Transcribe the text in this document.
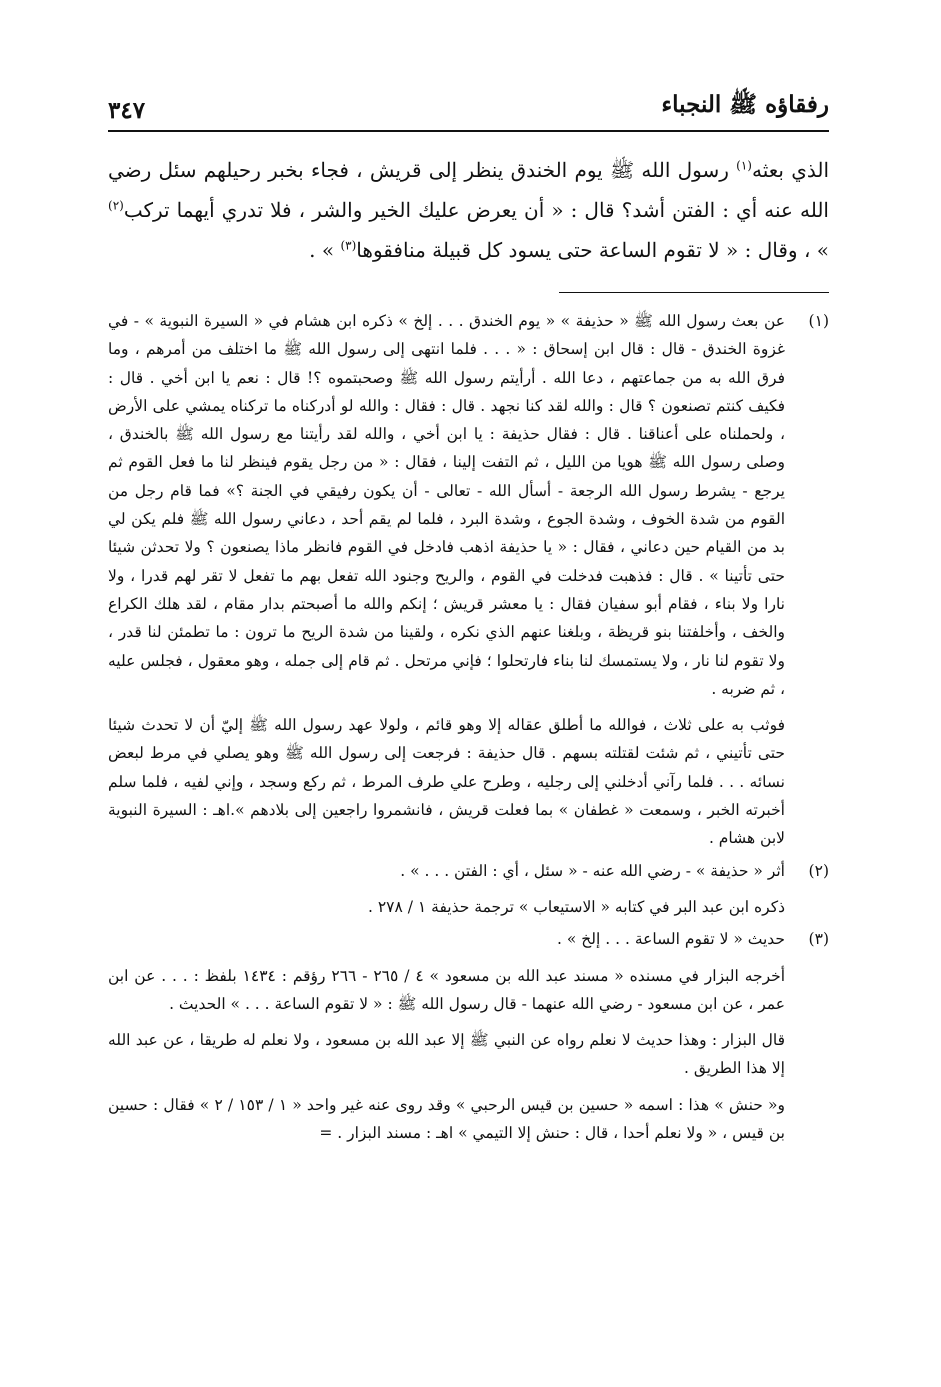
رفقاؤه ﷺ النجباء
٣٤٧

الذي بعثه$^{(١)}$ رسول الله ﷺ يوم الخندق ينظر إلى قريش ، فجاء بخبر رحيلهم سئل رضي الله عنه أي : الفتن أشد؟ قال : « أن يعرض عليك الخير والشر ، فلا تدري أيهما تركب$^{(٢)}$ » ، وقال : « لا تقوم الساعة حتى يسود كل قبيلة منافقوها$^{(٣)}$ » .

(١)

عن بعث رسول الله ﷺ « حذيفة » « يوم الخندق . . . إلخ » ذكره ابن هشام في « السيرة النبوية » - في غزوة الخندق - قال : قال ابن إسحاق : « . . . فلما انتهى إلى رسول الله ﷺ ما اختلف من أمرهم ، وما فرق الله به من جماعتهم ، دعا الله . أرأيتم رسول الله ﷺ وصحبتموه ؟! قال : نعم يا ابن أخي . قال : فكيف كنتم تصنعون ؟ قال : والله لقد كنا نجهد . قال : فقال : والله لو أدركناه ما تركناه يمشي على الأرض ، ولحملناه على أعناقنا . قال : فقال حذيفة : يا ابن أخي ، والله لقد رأيتنا مع رسول الله ﷺ بالخندق ، وصلى رسول الله ﷺ هويا من الليل ، ثم التفت إلينا ، فقال : « من رجل يقوم فينظر لنا ما فعل القوم ثم يرجع - يشرط رسول الله الرجعة - أسأل الله - تعالى - أن يكون رفيقي في الجنة ؟» فما قام رجل من القوم من شدة الخوف ، وشدة الجوع ، وشدة البرد ، فلما لم يقم أحد ، دعاني رسول الله ﷺ فلم يكن لي بد من القيام حين دعاني ، فقال : « يا حذيفة اذهب فادخل في القوم فانظر ماذا يصنعون ؟ ولا تحدثن شيئا حتى تأتينا » . قال : فذهبت فدخلت في القوم ، والريح وجنود الله تفعل بهم ما تفعل لا تقر لهم قدرا ، ولا نارا ولا بناء ، فقام أبو سفيان فقال : يا معشر قريش ؛ إنكم والله ما أصبحتم بدار مقام ، لقد هلك الكراع والخف ، وأخلفتنا بنو قريظة ، وبلغنا عنهم الذي نكره ، ولقينا من شدة الريح ما ترون : ما تطمئن لنا قدر ، ولا تقوم لنا نار ، ولا يستمسك لنا بناء فارتحلوا ؛ فإني مرتحل . ثم قام إلى جمله ، وهو معقول ، فجلس عليه ، ثم ضربه .

فوثب به على ثلاث ، فوالله ما أطلق عقاله إلا وهو قائم ، ولولا عهد رسول الله ﷺ إليّ أن لا تحدث شيئا حتى تأتيني ، ثم شئت لقتلته بسهم . قال حذيفة : فرجعت إلى رسول الله ﷺ وهو يصلي في مرط لبعض نسائه . . . فلما رآني أدخلني إلى رجليه ، وطرح علي طرف المرط ، ثم ركع وسجد ، وإني لفيه ، فلما سلم أخبرته الخبر ، وسمعت « غطفان » بما فعلت قريش ، فانشمروا راجعين إلى بلادهم ».اهـ : السيرة النبوية لابن هشام .

(٢)

أثر « حذيفة » - رضي الله عنه - « سئل ، أي : الفتن . . . » .

ذكره ابن عبد البر في كتابه « الاستيعاب » ترجمة حذيفة ١ / ٢٧٨ .

(٣)

حديث « لا تقوم الساعة . . . إلخ » .

أخرجه البزار في مسنده « مسند عبد الله بن مسعود » ٤ / ٢٦٥ - ٢٦٦ رؤقم : ١٤٣٤ بلفظ : . . . عن ابن عمر ، عن ابن مسعود - رضي الله عنهما - قال رسول الله ﷺ : « لا تقوم الساعة . . . » الحديث .

قال البزار : وهذا حديث لا نعلم رواه عن النبي ﷺ إلا عبد الله بن مسعود ، ولا نعلم له طريقا ، عن عبد الله إلا هذا الطريق .

و« حنش » هذا : اسمه « حسين بن قيس الرحبي » وقد روى عنه غير واحد « ١ / ١٥٣ / ٢ » فقال : حسين بن قيس ، « ولا نعلم أحدا ، قال : حنش إلا التيمي » اهـ : مسند البزار . =
